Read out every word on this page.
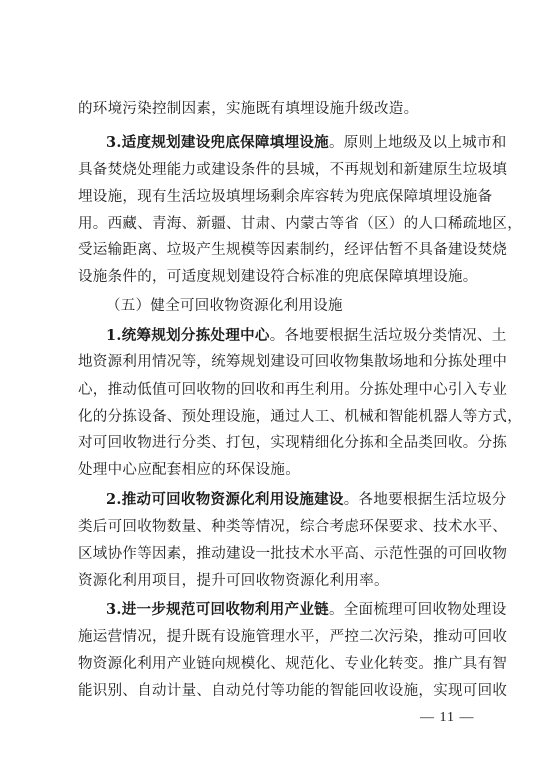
的环境污染控制因素，实施既有填埋设施升级改造。
3.适度规划建设兜底保障填埋设施。原则上地级及以上城市和
具备焚烧处理能力或建设条件的县城，不再规划和新建原生垃圾填
埋设施，现有生活垃圾填埋场剩余库容转为兜底保障填埋设施备
用。西藏、青海、新疆、甘肃、内蒙古等省（区）的人口稀疏地区，
受运输距离、垃圾产生规模等因素制约，经评估暂不具备建设焚烧
设施条件的，可适度规划建设符合标准的兜底保障填埋设施。
（五）健全可回收物资源化利用设施
1.统筹规划分拣处理中心。各地要根据生活垃圾分类情况、土
地资源利用情况等，统筹规划建设可回收物集散场地和分拣处理中
心，推动低值可回收物的回收和再生利用。分拣处理中心引入专业
化的分拣设备、预处理设施，通过人工、机械和智能机器人等方式，
对可回收物进行分类、打包，实现精细化分拣和全品类回收。分拣
处理中心应配套相应的环保设施。
2.推动可回收物资源化利用设施建设。各地要根据生活垃圾分
类后可回收物数量、种类等情况，综合考虑环保要求、技术水平、
区域协作等因素，推动建设一批技术水平高、示范性强的可回收物
资源化利用项目，提升可回收物资源化利用率。
3.进一步规范可回收物利用产业链。全面梳理可回收物处理设
施运营情况，提升既有设施管理水平，严控二次污染，推动可回收
物资源化利用产业链向规模化、规范化、专业化转变。推广具有智
能识别、自动计量、自动兑付等功能的智能回收设施，实现可回收
— 11 —
